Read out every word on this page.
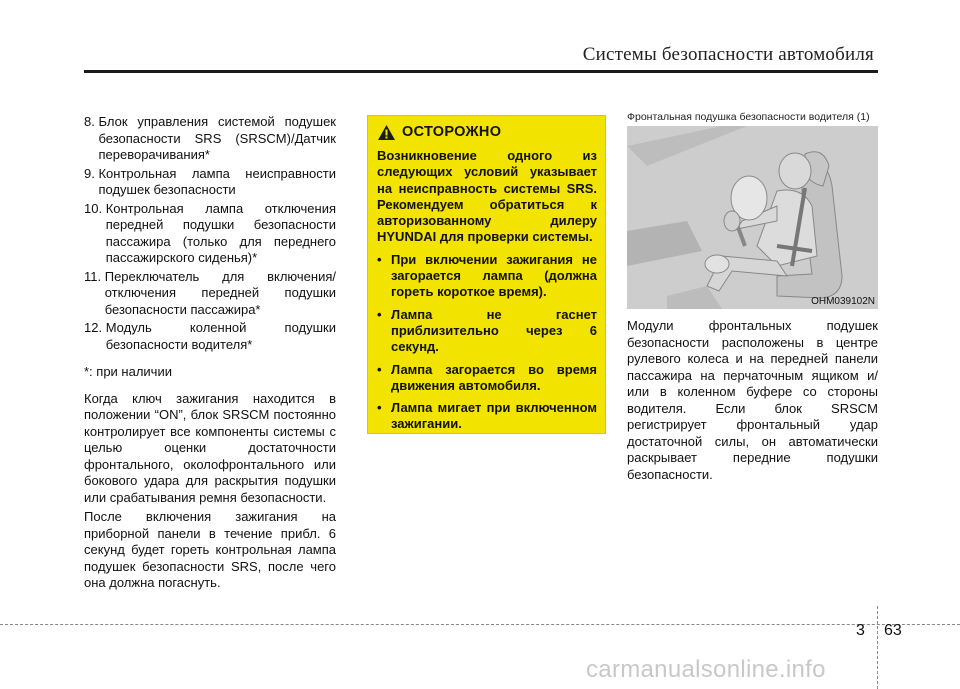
Системы безопасности автомобиля
8. Блок управления системой подушек безопасности SRS (SRSCM)/Датчик переворачивания*
9. Контрольная лампа неисправности подушек безопасности
10. Контрольная лампа отключения передней подушки безопасности пассажира (только для переднего пассажирского сиденья)*
11. Переключатель для включения/отключения передней подушки безопасности пассажира*
12. Модуль коленной подушки безопасности водителя*
*: при наличии

Когда ключ зажигания находится в положении “ON”, блок SRSCM постоянно контролирует все компоненты системы с целью оценки достаточности фронтального, околофронтального или бокового удара для раскрытия подушки или срабатывания ремня безопасности.

После включения зажигания на приборной панели в течение прибл. 6 секунд будет гореть контрольная лампа подушек безопасности SRS, после чего она должна погаснуть.

ОСТОРОЖНО
Возникновение одного из следующих условий указывает на неисправность системы SRS. Рекомендуем обратиться к авторизованному дилеру HYUNDAI для проверки системы.
• При включении зажигания не загорается лампа (должна гореть короткое время).
• Лампа не гаснет приблизительно через 6 секунд.
• Лампа загорается во время движения автомобиля.
• Лампа мигает при включенном зажигании.
Фронтальная подушка безопасности водителя (1)
OHM039102N
Модули фронтальных подушек безопасности расположены в центре рулевого колеса и на передней панели пассажира на перчаточным ящиком и/или в коленном буфере со стороны водителя. Если блок SRSCM регистрирует фронтальный удар достаточной силы, он автоматически раскрывает передние подушки безопасности.
3 63
carmanualsonline.info
